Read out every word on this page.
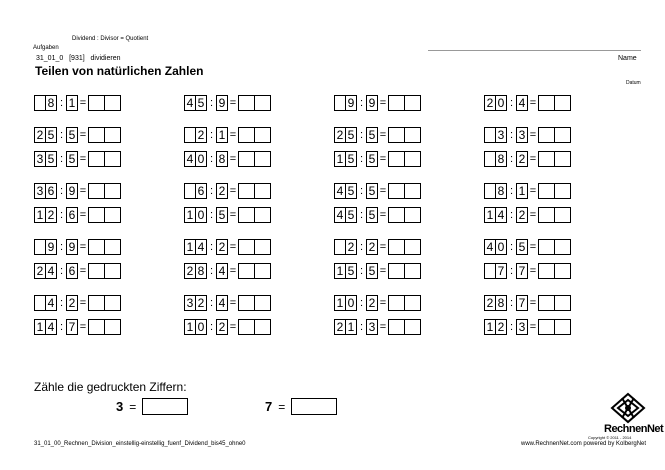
Dividend : Divisor = Quotient
Aufgaben
31_01_0 [931] dividieren
Teilen von natürlichen Zahlen
Name
Datum
8 : 1 =	4 5 : 9 =	9 : 9 =	2 0 : 4 =
2 5 : 5 =	2 : 1 =	2 5 : 5 =	3 : 3 =
3 5 : 5 =	4 0 : 8 =	1 5 : 5 =	8 : 2 =
3 6 : 9 =	6 : 2 =	4 5 : 5 =	8 : 1 =
1 2 : 6 =	1 0 : 5 =	4 5 : 5 =	1 4 : 2 =
9 : 9 =	1 4 : 2 =	2 : 2 =	4 0 : 5 =
2 4 : 6 =	2 8 : 4 =	1 5 : 5 =	7 : 7 =
4 : 2 =	3 2 : 4 =	1 0 : 2 =	2 8 : 7 =
1 4 : 7 =	1 0 : 2 =	2 1 : 3 =	1 2 : 3 =
Zähle die gedruckten Ziffern:
3 =	7 =
RechnenNet
Copyright © 2011 - 2014
31_01_00_Rechnen_Division_einstellig-einstellig_fuenf_Dividend_bis45_ohne0	www.RechnenNet.com powered by KolbergNet
